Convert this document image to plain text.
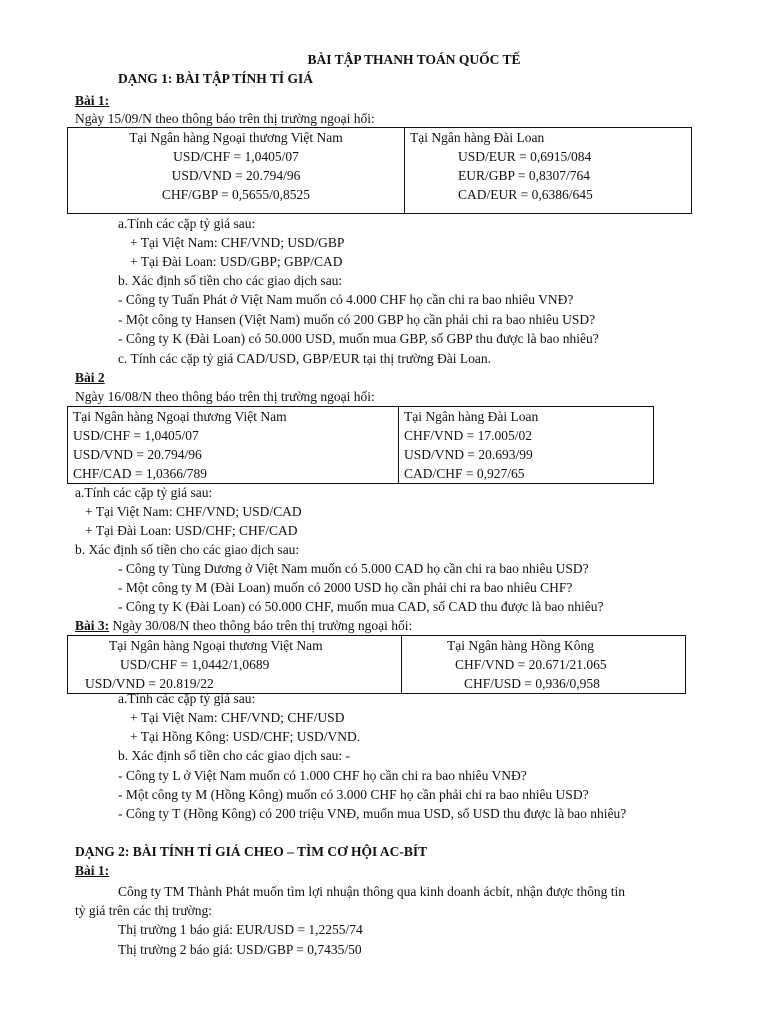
BÀI TẬP THANH TOÁN QUỐC TẾ
DẠNG 1: BÀI TẬP TÍNH TỈ GIÁ
Bài 1:
Ngày 15/09/N theo thông báo trên thị trường ngoại hối:
Tại Ngân hàng Ngoại thương Việt Nam
USD/CHF = 1,0405/07
USD/VND = 20.794/96
CHF/GBP = 0,5655/0,8525

Tại Ngân hàng Đài Loan
USD/EUR = 0,6915/084
EUR/GBP = 0,8307/764
CAD/EUR = 0,6386/645
a.Tính các cặp tỷ giá sau:
+ Tại Việt Nam: CHF/VND; USD/GBP
+ Tại Đài Loan: USD/GBP; GBP/CAD
b. Xác định số tiền cho các giao dịch sau:
- Công ty Tuấn Phát ở Việt Nam muốn có 4.000 CHF họ cần chi ra bao nhiêu VNĐ?
- Một công ty Hansen (Việt Nam) muốn có 200 GBP họ cần phải chi ra bao nhiêu USD?
- Công ty K (Đài Loan) có 50.000 USD, muốn mua GBP, số GBP thu được là bao nhiêu?
c. Tính các cặp tỷ giá CAD/USD, GBP/EUR tại thị trường Đài Loan.
Bài 2
Ngày 16/08/N theo thông báo trên thị trường ngoại hối:
Tại Ngân hàng Ngoại thương Việt Nam
USD/CHF = 1,0405/07
USD/VND = 20.794/96
CHF/CAD = 1,0366/789

Tại Ngân hàng Đài Loan
CHF/VND = 17.005/02
USD/VND = 20.693/99
CAD/CHF = 0,927/65
a.Tính các cặp tỷ giá sau:
+ Tại Việt Nam: CHF/VND; USD/CAD
+ Tại Đài Loan: USD/CHF; CHF/CAD
b. Xác định số tiền cho các giao dịch sau:
- Công ty Tùng Dương ở Việt Nam muốn có 5.000 CAD họ cần chi ra bao nhiêu USD?
- Một công ty M (Đài Loan) muốn có 2000 USD họ cần phải chi ra bao nhiêu CHF?
- Công ty K (Đài Loan) có 50.000 CHF, muốn mua CAD, số CAD thu được là bao nhiêu?
Bài 3: Ngày 30/08/N theo thông báo trên thị trường ngoại hối:
Tại Ngân hàng Ngoại thương Việt Nam
USD/CHF = 1,0442/1,0689
USD/VND = 20.819/22

Tại Ngân hàng Hồng Kông
CHF/VND = 20.671/21.065
CHF/USD = 0,936/0,958
a.Tính các cặp tỷ giá sau:
+ Tại Việt Nam: CHF/VND; CHF/USD
+ Tại Hồng Kông: USD/CHF; USD/VND.
b. Xác định số tiền cho các giao dịch sau: -
- Công ty L ở Việt Nam muốn có 1.000 CHF họ cần chi ra bao nhiêu VNĐ?
- Một công ty M (Hồng Kông) muốn có 3.000 CHF họ cần phải chi ra bao nhiêu USD?
- Công ty T (Hồng Kông) có 200 triệu VNĐ, muốn mua USD, số USD thu được là bao nhiêu?
DẠNG 2: BÀI TÍNH TỈ GIÁ CHEO – TÌM CƠ HỘI AC-BÍT
Bài 1:
Công ty TM Thành Phát muốn tìm lợi nhuận thông qua kinh doanh ácbít, nhận được thông tin
tỷ giá trên các thị trường:
Thị trường 1 báo giá: EUR/USD = 1,2255/74
Thị trường 2 báo giá: USD/GBP = 0,7435/50
